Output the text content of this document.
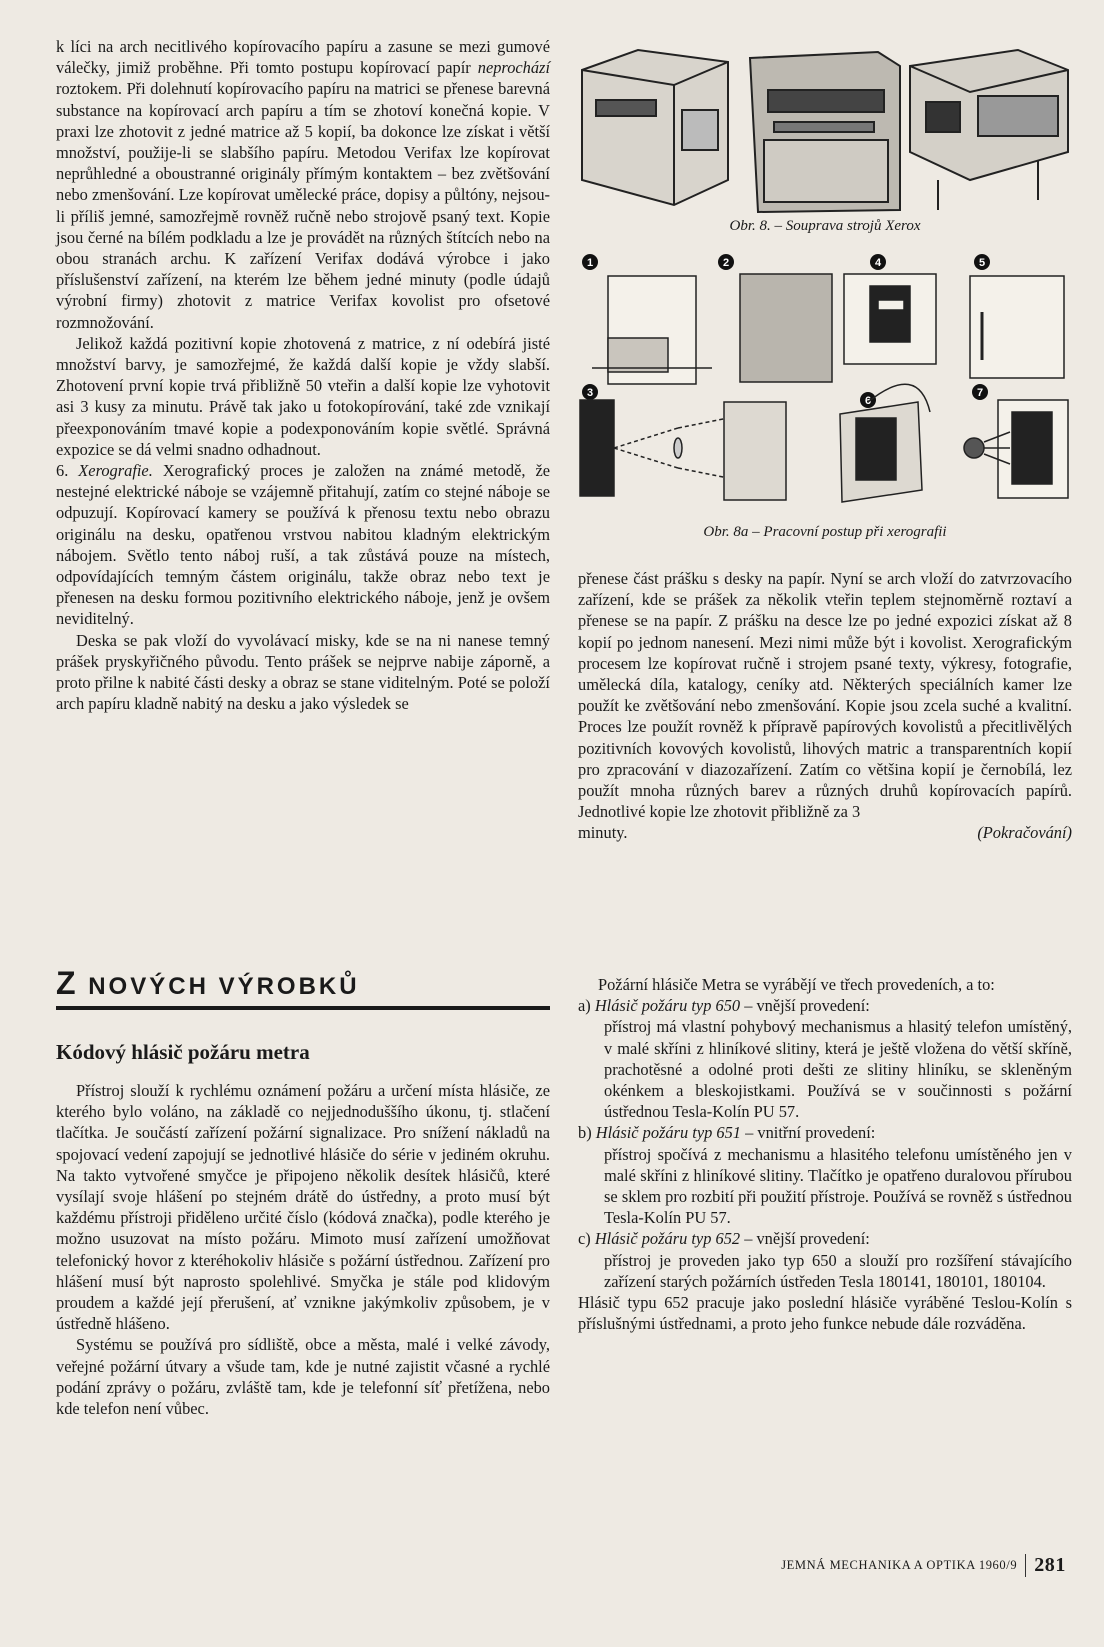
k líci na arch necitlivého kopírovacího papíru a zasune se mezi gumové válečky, jimiž proběhne. Při tomto postupu kopírovací papír neprochází roztokem. Při dolehnutí kopírovacího papíru na matrici se přenese barevná substance na kopírovací arch papíru a tím se zhotoví konečná kopie. V praxi lze zhotovit z jedné matrice až 5 kopií, ba dokonce lze získat i větší množství, použije-li se slabšího papíru. Metodou Verifax lze kopírovat neprůhledné a oboustranné originály přímým kontaktem – bez zvětšování nebo zmenšování. Lze kopírovat umělecké práce, dopisy a půltóny, nejsou-li příliš jemné, samozřejmě rovněž ručně nebo strojově psaný text. Kopie jsou černé na bílém podkladu a lze je provádět na různých štítcích nebo na obou stranách archu. K zařízení Verifax dodává výrobce i jako příslušenství zařízení, na kterém lze během jedné minuty (podle údajů výrobní firmy) zhotovit z matrice Verifax kovolist pro ofsetové rozmnožování.

Jelikož každá pozitivní kopie zhotovená z matrice, z ní odebírá jisté množství barvy, je samozřejmé, že každá další kopie je vždy slabší. Zhotovení první kopie trvá přibližně 50 vteřin a další kopie lze vyhotovit asi 3 kusy za minutu. Právě tak jako u fotokopírování, také zde vznikají přeexponováním tmavé kopie a podexponováním kopie světlé. Správná expozice se dá velmi snadno odhadnout.

6. Xerografie. Xerografický proces je založen na známé metodě, že nestejné elektrické náboje se vzájemně přitahují, zatím co stejné náboje se odpuzují. Kopírovací kamery se používá k přenosu textu nebo obrazu originálu na desku, opatřenou vrstvou nabitou kladným elektrickým nábojem. Světlo tento náboj ruší, a tak zůstává pouze na místech, odpovídajících temným částem originálu, takže obraz nebo text je přenesen na desku formou pozitivního elektrického náboje, jenž je ovšem neviditelný.

Deska se pak vloží do vyvolávací misky, kde se na ni nanese temný prášek pryskyřičného původu. Tento prášek se nejprve nabije záporně, a proto přilne k nabité části desky a obraz se stane viditelným. Poté se položí arch papíru kladně nabitý na desku a jako výsledek se

Obr. 8. – Souprava strojů Xerox
1	2	4	5
3
6
7
Obr. 8a – Pracovní postup při xerografii

přenese část prášku s desky na papír. Nyní se arch vloží do zatvrzovacího zařízení, kde se prášek za několik vteřin teplem stejnoměrně roztaví a přenese se na papír. Z prášku na desce lze po jedné expozici získat až 8 kopií po jednom nanesení. Mezi nimi může být i kovolist. Xerografickým procesem lze kopírovat ručně i strojem psané texty, výkresy, fotografie, umělecká díla, katalogy, ceníky atd. Některých speciálních kamer lze použít ke zvětšování nebo zmenšování. Kopie jsou zcela suché a kvalitní. Proces lze použít rovněž k přípravě papírových kovolistů a přecitlivělých pozitivních kovových kovolistů, lihových matric a transparentních kopií pro zpracování v diazozařízení. Zatím co většina kopií je černobílá, lez použít mnoha různých barev a různých druhů kopírovacích papírů. Jednotlivé kopie lze zhotovit přibližně za 3

minuty.	(Pokračování)

Z NOVÝCH VÝROBKŮ
Kódový hlásič požáru metra

Přístroj slouží k rychlému oznámení požáru a určení místa hlásiče, ze kterého bylo voláno, na základě co nejjednoduššího úkonu, tj. stlačení tlačítka. Je součástí zařízení požární signalizace. Pro snížení nákladů na spojovací vedení zapojují se jednotlivé hlásiče do série v jediném okruhu. Na takto vytvořené smyčce je připojeno několik desítek hlásičů, které vysílají svoje hlášení po stejném drátě do ústředny, a proto musí být každému přístroji přiděleno určité číslo (kódová značka), podle kterého je možno usuzovat na místo požáru. Mimoto musí zařízení umožňovat telefonický hovor z kteréhokoliv hlásiče s požární ústřednou. Zařízení pro hlášení musí být naprosto spolehlivé. Smyčka je stále pod klidovým proudem a každé její přerušení, ať vznikne jakýmkoliv způsobem, je v ústředně hlášeno.

Systému se používá pro sídliště, obce a města, malé i velké závody, veřejné požární útvary a všude tam, kde je nutné zajistit včasné a rychlé podání zprávy o požáru, zvláště tam, kde je telefonní síť přetížena, nebo kde telefon není vůbec.

Požární hlásiče Metra se vyrábějí ve třech provedeních, a to:

a) Hlásič požáru typ 650 – vnější provedení:

přístroj má vlastní pohybový mechanismus a hlasitý telefon umístěný, v malé skříni z hliníkové slitiny, která je ještě vložena do větší skříně, prachotěsné a odolné proti dešti ze slitiny hliníku, se skleněným okénkem a bleskojistkami. Používá se v součinnosti s požární ústřednou Tesla-Kolín PU 57.

b) Hlásič požáru typ 651 – vnitřní provedení:

přístroj spočívá z mechanismu a hlasitého telefonu umístěného jen v malé skříni z hliníkové slitiny. Tlačítko je opatřeno duralovou přírubou se sklem pro rozbití při použití přístroje. Používá se rovněž s ústřednou Tesla-Kolín PU 57.

c) Hlásič požáru typ 652 – vnější provedení:

přístroj je proveden jako typ 650 a slouží pro rozšíření stávajícího zařízení starých požárních ústředen Tesla 180141, 180101, 180104.

Hlásič typu 652 pracuje jako poslední hlásiče vyráběné Teslou-Kolín s příslušnými ústřednami, a proto jeho funkce nebude dále rozváděna.

JEMNÁ MECHANIKA A OPTIKA 1960/9 281
